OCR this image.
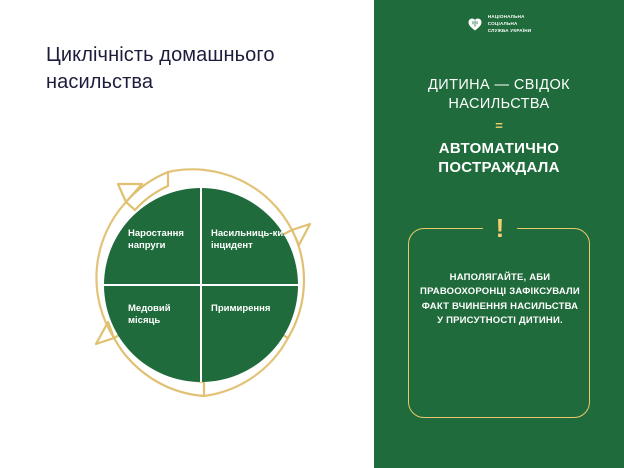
Циклічність домашнього насильства
Наростання напруги
Насильниць-кий інцидент
Медовий місяць
Примирення
НАЦІОНАЛЬНА
СОЦІАЛЬНА
СЛУЖБА УКРАЇНИ
ДИТИНА — СВІДОК НАСИЛЬСТВА
=
АВТОМАТИЧНО ПОСТРАЖДАЛА
!
НАПОЛЯГАЙТЕ, АБИ ПРАВООХОРОНЦІ ЗАФІКСУВАЛИ ФАКТ ВЧИНЕННЯ НАСИЛЬСТВА У ПРИСУТНОСТІ ДИТИНИ.
